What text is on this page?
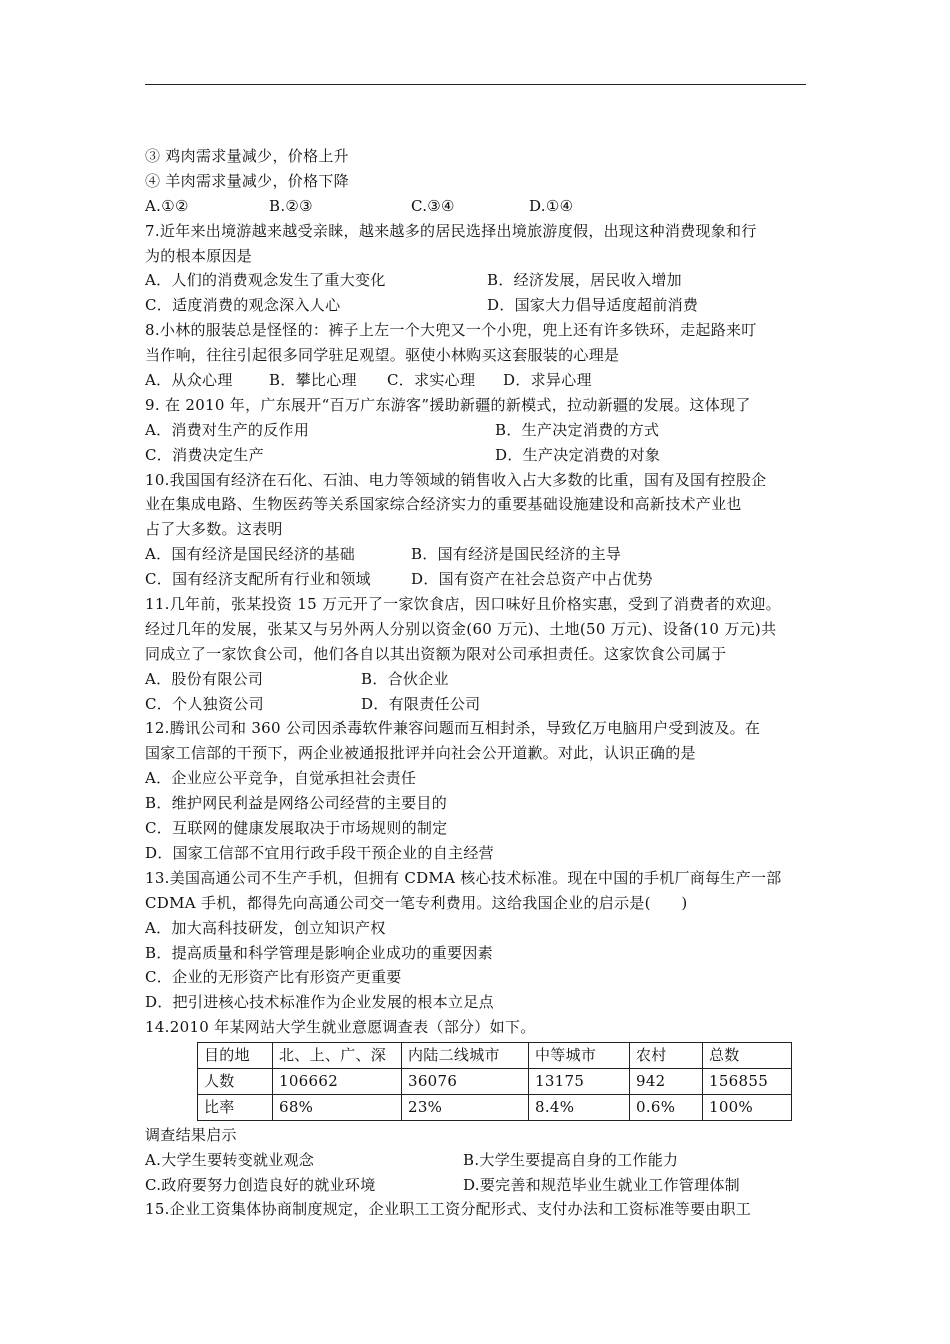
③ 鸡肉需求量减少，价格上升
④ 羊肉需求量减少，价格下降
A.①②	B.②③	C.③④	D.①④
7.近年来出境游越来越受亲睐，越来越多的居民选择出境旅游度假，出现这种消费现象和行
为的根本原因是
A．人们的消费观念发生了重大变化	B．经济发展，居民收入增加
C．适度消费的观念深入人心	D．国家大力倡导适度超前消费
8.小林的服装总是怪怪的：裤子上左一个大兜又一个小兜，兜上还有许多铁环，走起路来叮
当作响，往往引起很多同学驻足观望。驱使小林购买这套服装的心理是
A．从众心理	B．攀比心理	C．求实心理	D．求异心理
9. 在 2010 年，广东展开“百万广东游客”援助新疆的新模式，拉动新疆的发展。这体现了
A．消费对生产的反作用	B．生产决定消费的方式
C．消费决定生产	D．生产决定消费的对象
10.我国国有经济在石化、石油、电力等领域的销售收入占大多数的比重，国有及国有控股企
业在集成电路、生物医药等关系国家综合经济实力的重要基础设施建设和高新技术产业也
占了大多数。这表明
A．国有经济是国民经济的基础	B．国有经济是国民经济的主导
C．国有经济支配所有行业和领域	D．国有资产在社会总资产中占优势
11.几年前，张某投资 15 万元开了一家饮食店，因口味好且价格实惠，受到了消费者的欢迎。
经过几年的发展，张某又与另外两人分别以资金(60 万元)、土地(50 万元)、设备(10 万元)共
同成立了一家饮食公司，他们各自以其出资额为限对公司承担责任。这家饮食公司属于
A．股份有限公司	B．合伙企业
C．个人独资公司	D．有限责任公司
12.腾讯公司和 360 公司因杀毒软件兼容问题而互相封杀，导致亿万电脑用户受到波及。在
国家工信部的干预下，两企业被通报批评并向社会公开道歉。对此，认识正确的是
A．企业应公平竞争，自觉承担社会责任
B．维护网民利益是网络公司经营的主要目的
C．互联网的健康发展取决于市场规则的制定
D．国家工信部不宜用行政手段干预企业的自主经营
13.美国高通公司不生产手机，但拥有 CDMA 核心技术标准。现在中国的手机厂商每生产一部
CDMA 手机，都得先向高通公司交一笔专利费用。这给我国企业的启示是(　　)
A．加大高科技研发，创立知识产权
B．提高质量和科学管理是影响企业成功的重要因素
C．企业的无形资产比有形资产更重要
D．把引进核心技术标准作为企业发展的根本立足点
14.2010 年某网站大学生就业意愿调查表（部分）如下。
目的地	北、上、广、深	内陆二线城市	中等城市	农村	总数
人数	106662	36076	13175	942	156855
比率	68%	23%	8.4%	0.6%	100%
调查结果启示
A.大学生要转变就业观念	B.大学生要提高自身的工作能力
C.政府要努力创造良好的就业环境	D.要完善和规范毕业生就业工作管理体制
15.企业工资集体协商制度规定，企业职工工资分配形式、支付办法和工资标准等要由职工
